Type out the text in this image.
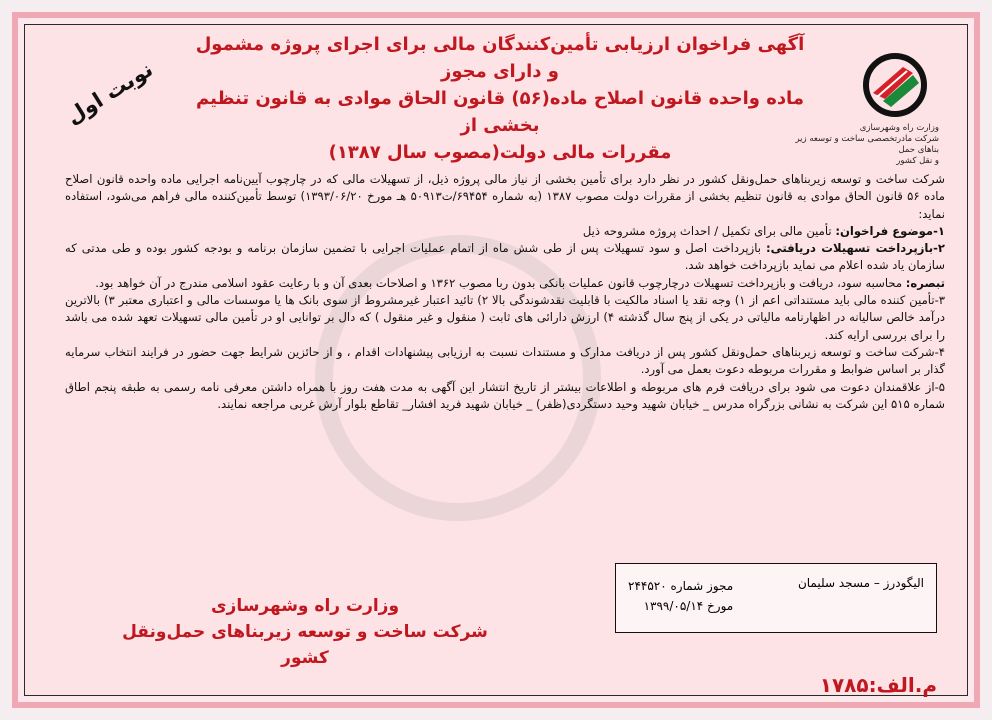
آگهی فراخوان ارزیابی تأمین‌کنندگان مالی برای اجرای پروژه مشمول و دارای مجوز
ماده واحده قانون اصلاح ماده(۵۶) قانون الحاق موادی به قانون تنظیم بخشی از
مقررات مالی دولت(مصوب سال ۱۳۸۷)
نوبت اول	وزارت راه وشهرسازی
شرکت مادرتخصصی ساخت و توسعه زیر بناهای حمل
و نقل کشور

شرکت ساخت و توسعه زیربناهای حمل‌ونقل کشور در نظر دارد برای تأمین بخشی از نیاز مالی پروژه ذیل، از تسهیلات مالی که در چارچوب آیین‌نامه اجرایی ماده واحده قانون اصلاح ماده ۵۶ قانون الحاق موادی به قانون تنظیم بخشی از مقررات دولت مصوب ۱۳۸۷ (به شماره ۶۹۴۵۴/ت۵۰۹۱۳ هـ مورخ ۱۳۹۳/۰۶/۲۰) توسط تأمین‌کننده مالی فراهم می‌شود، استفاده نماید:

۱-موضوع فراخوان: تأمین مالی برای تکمیل / احداث پروژه مشروحه ذیل

۲-بازپرداخت تسهیلات دریافتی: بازپرداخت اصل و سود تسهیلات پس از طی شش ماه از اتمام عملیات اجرایی با تضمین سازمان برنامه و بودجه کشور بوده و طی مدتی که سازمان یاد شده اعلام می نماید بازپرداخت خواهد شد.

تبصره: محاسبه سود، دریافت و بازپرداخت تسهیلات درچارچوب قانون عملیات بانکی بدون ربا مصوب ۱۳۶۲ و اصلاحات بعدی آن و با رعایت عقود اسلامی مندرج در آن خواهد بود.

۳-تأمین کننده مالی باید مستنداتی اعم از ۱) وجه نقد یا اسناد مالکیت با قابلیت نقدشوندگی بالا ۲) تائید اعتبار غیرمشروط از سوی بانک ها یا موسسات مالی و اعتباری معتبر ۳) بالاترین درآمد خالص سالیانه در اظهارنامه مالیاتی در یکی از پنج سال گذشته ۴) ارزش دارائی های ثابت ( منقول و غیر منقول ) که دال بر توانایی او در تأمین مالی تسهیلات تعهد شده می باشد را برای بررسی ارایه کند.

۴-شرکت ساخت و توسعه زیربناهای حمل‌ونقل کشور پس از دریافت مدارک و مستندات نسبت به ارزیابی پیشنهادات اقدام ، و از حائزین شرایط جهت حضور در فرایند انتخاب سرمایه گذار بر اساس ضوابط و مقررات مربوطه دعوت بعمل می آورد.

۵-از علاقمندان دعوت می شود برای دریافت فرم های مربوطه و اطلاعات بیشتر از تاریخ انتشار این آگهی به مدت هفت روز با همراه داشتن معرفی نامه رسمی به طبقه پنجم اطاق شماره ۵۱۵ این شرکت به نشانی بزرگراه مدرس _ خیابان شهید وحید دستگردی(ظفر) _ خیابان شهید فرید افشار_ تقاطع بلوار آرش غربی مراجعه نمایند.

الیگودرز – مسجد سلیمان
مجوز شماره ۲۴۴۵۲۰
مورخ ۱۳۹۹/۰۵/۱۴
وزارت راه وشهرسازی
شرکت ساخت و توسعه زیربناهای حمل‌ونقل کشور
م.الف:۱۷۸۵
